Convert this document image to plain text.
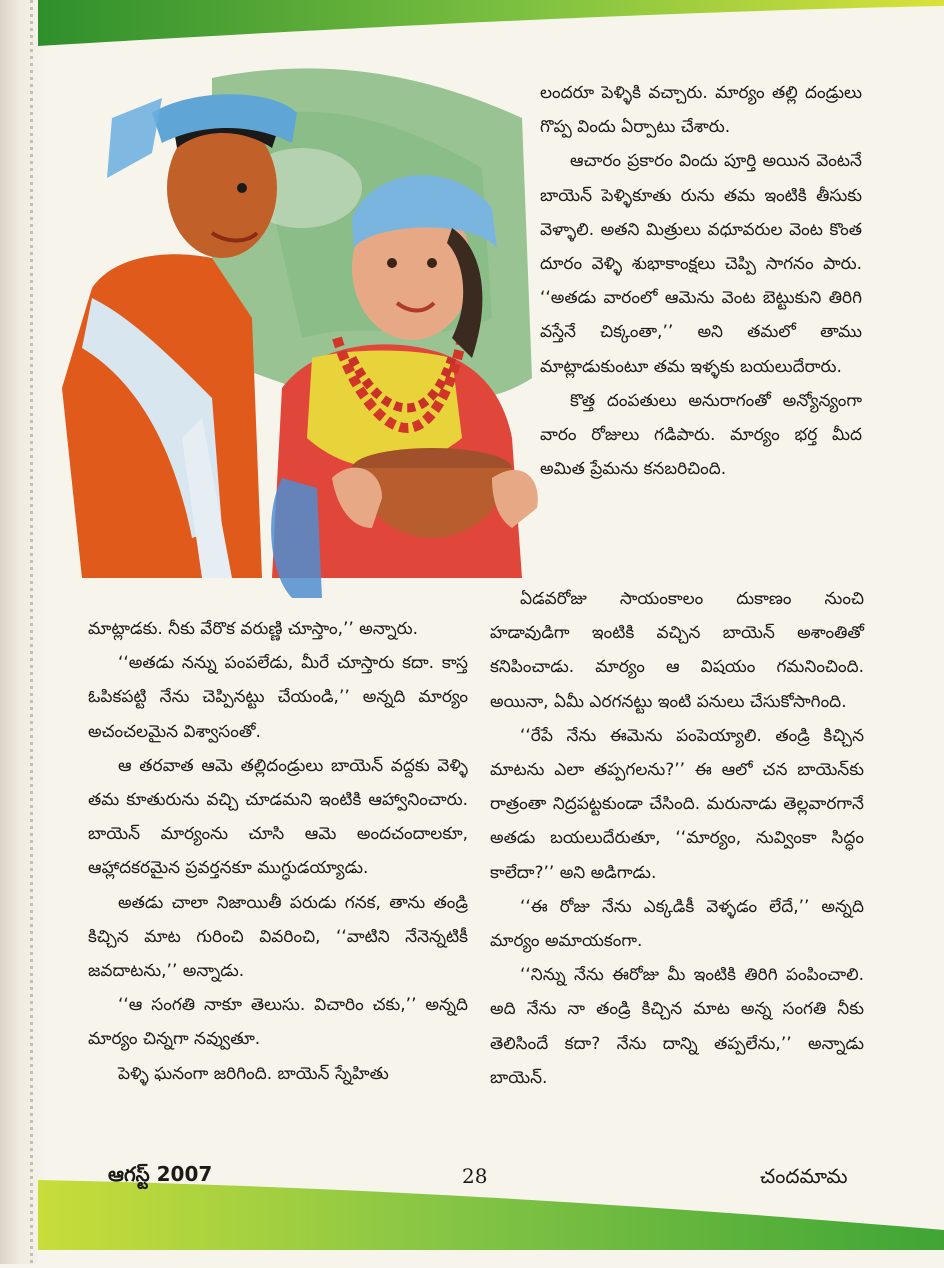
లందరూ పెళ్ళికి వచ్చారు. మార్యం తల్లి దండ్రులు గొప్ప విందు ఏర్పాటు చేశారు.

ఆచారం ప్రకారం విందు పూర్తి అయిన వెంటనే బాయెన్ పెళ్ళికూతు రును తమ ఇంటికి తీసుకు వెళ్ళాలి. అతని మిత్రులు వధూవరుల వెంట కొంత దూరం వెళ్ళి శుభాకాంక్షలు చెప్పి సాగనం పారు. ‘‘అతడు వారంలో ఆమెను వెంట బెట్టుకుని తిరిగి వస్తేనే చిక్కంతా,’’ అని తమలో తాము మాట్లాడుకుంటూ తమ ఇళ్ళకు బయలుదేరారు.

కొత్త దంపతులు అనురాగంతో అన్యోన్యంగా వారం రోజులు గడిపారు. మార్యం భర్త మీద అమిత ప్రేమను కనబరిచింది.

ఏడవరోజు సాయంకాలం దుకాణం నుంచి హడావుడిగా ఇంటికి వచ్చిన బాయెన్ అశాంతితో కనిపించాడు. మార్యం ఆ విషయం గమనించింది. అయినా, ఏమీ ఎరగనట్టు ఇంటి పనులు చేసుకోసాగింది.

‘‘రేపే నేను ఈమెను పంపెయ్యాలి. తండ్రి కిచ్చిన మాటను ఎలా తప్పగలను?’’ ఈ ఆలో చన బాయెన్‌కు రాత్రంతా నిద్రపట్టకుండా చేసింది. మరునాడు తెల్లవారగానే అతడు బయలుదేరుతూ, ‘‘మార్యం, నువ్వింకా సిద్ధం కాలేదా?’’ అని అడిగాడు.

‘‘ఈ రోజు నేను ఎక్కడికీ వెళ్ళడం లేదే,’’ అన్నది మార్యం అమాయకంగా.

‘‘నిన్ను నేను ఈరోజు మీ ఇంటికి తిరిగి పంపించాలి. అది నేను నా తండ్రి కిచ్చిన మాట అన్న సంగతి నీకు తెలిసిందే కదా? నేను దాన్ని తప్పలేను,’’ అన్నాడు బాయెన్.

మాట్లాడకు. నీకు వేరొక వరుణ్ణి చూస్తాం,’’ అన్నారు.

‘‘అతడు నన్ను పంపలేడు, మీరే చూస్తారు కదా. కాస్త ఓపికపట్టి నేను చెప్పినట్టు చేయండి,’’ అన్నది మార్యం అచంచలమైన విశ్వాసంతో.

ఆ తరవాత ఆమె తల్లిదండ్రులు బాయెన్ వద్దకు వెళ్ళి తమ కూతురును వచ్చి చూడమని ఇంటికి ఆహ్వానించారు. బాయెన్ మార్యంను చూసి ఆమె అందచందాలకూ, ఆహ్లాదకరమైన ప్రవర్తనకూ ముగ్ధుడయ్యాడు.

అతడు చాలా నిజాయితీ పరుడు గనక, తాను తండ్రి కిచ్చిన మాట గురించి వివరించి, ‘‘వాటిని నేనెన్నటికీ జవదాటను,’’ అన్నాడు.

‘‘ఆ సంగతి నాకూ తెలుసు. విచారిం చకు,’’ అన్నది మార్యం చిన్నగా నవ్వుతూ.

పెళ్ళి ఘనంగా జరిగింది. బాయెన్ స్నేహితు

ఆగస్ట్ 2007	28	చందమామ
